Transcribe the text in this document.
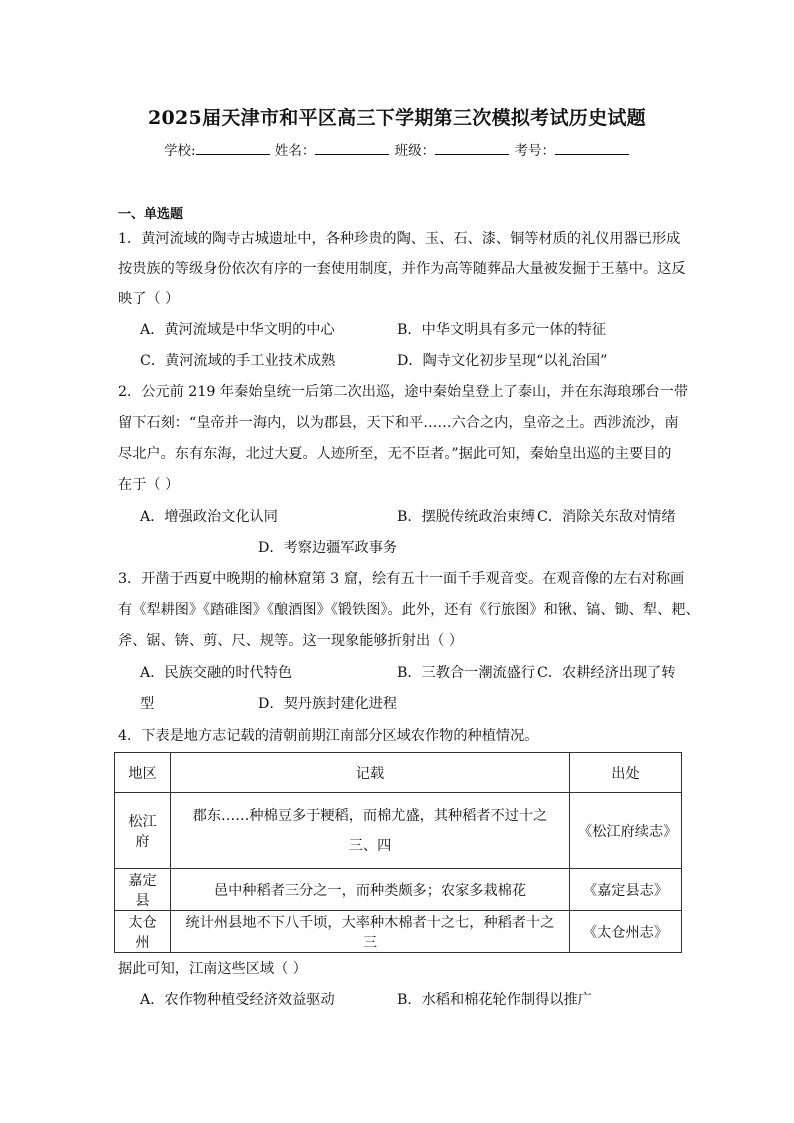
2025届天津市和平区高三下学期第三次模拟考试历史试题
学校:	姓名：	班级：	考号：
一、单选题
1．黄河流域的陶寺古城遗址中，各种珍贵的陶、玉、石、漆、铜等材质的礼仪用器已形成
按贵族的等级身份依次有序的一套使用制度，并作为高等随葬品大量被发掘于王墓中。这反
映了（ ）
A．黄河流域是中华文明的中心	B．中华文明具有多元一体的特征
C．黄河流域的手工业技术成熟	D．陶寺文化初步呈现“以礼治国”
2．公元前 219 年秦始皇统一后第二次出巡，途中秦始皇登上了泰山，并在东海琅琊台一带
留下石刻：“皇帝并一海内，以为郡县，天下和平……六合之内，皇帝之土。西涉流沙，南
尽北户。东有东海，北过大夏。人迹所至，无不臣者。”据此可知，秦始皇出巡的主要目的
在于（ ）
A．增强政治文化认同	B．摆脱传统政治束缚 C．消除关东敌对情绪
D．考察边疆军政事务
3．开凿于西夏中晚期的榆林窟第 3 窟，绘有五十一面千手观音变。在观音像的左右对称画
有《犁耕图》《踏碓图》《酿酒图》《锻铁图》。此外，还有《行旅图》和锹、镐、锄、犁、耙、
斧、锯、锛、剪、尺、规等。这一现象能够折射出（ ）
A．民族交融的时代特色	B．三教合一潮流盛行 C．农耕经济出现了转
型	D．契丹族封建化进程
4．下表是地方志记载的清朝前期江南部分区域农作物的种植情况。
地区	记载	出处
松江府	郡东……种棉豆多于粳稻，而棉尤盛，其种稻者不过十之三、四	《松江府续志》
嘉定县	邑中种稻者三分之一，而种类颇多；农家多栽棉花	《嘉定县志》
太仓州	统计州县地不下八千顷，大率种木棉者十之七，种稻者十之三	《太仓州志》
据此可知，江南这些区域（ ）
A．农作物种植受经济效益驱动	B．水稻和棉花轮作制得以推广
